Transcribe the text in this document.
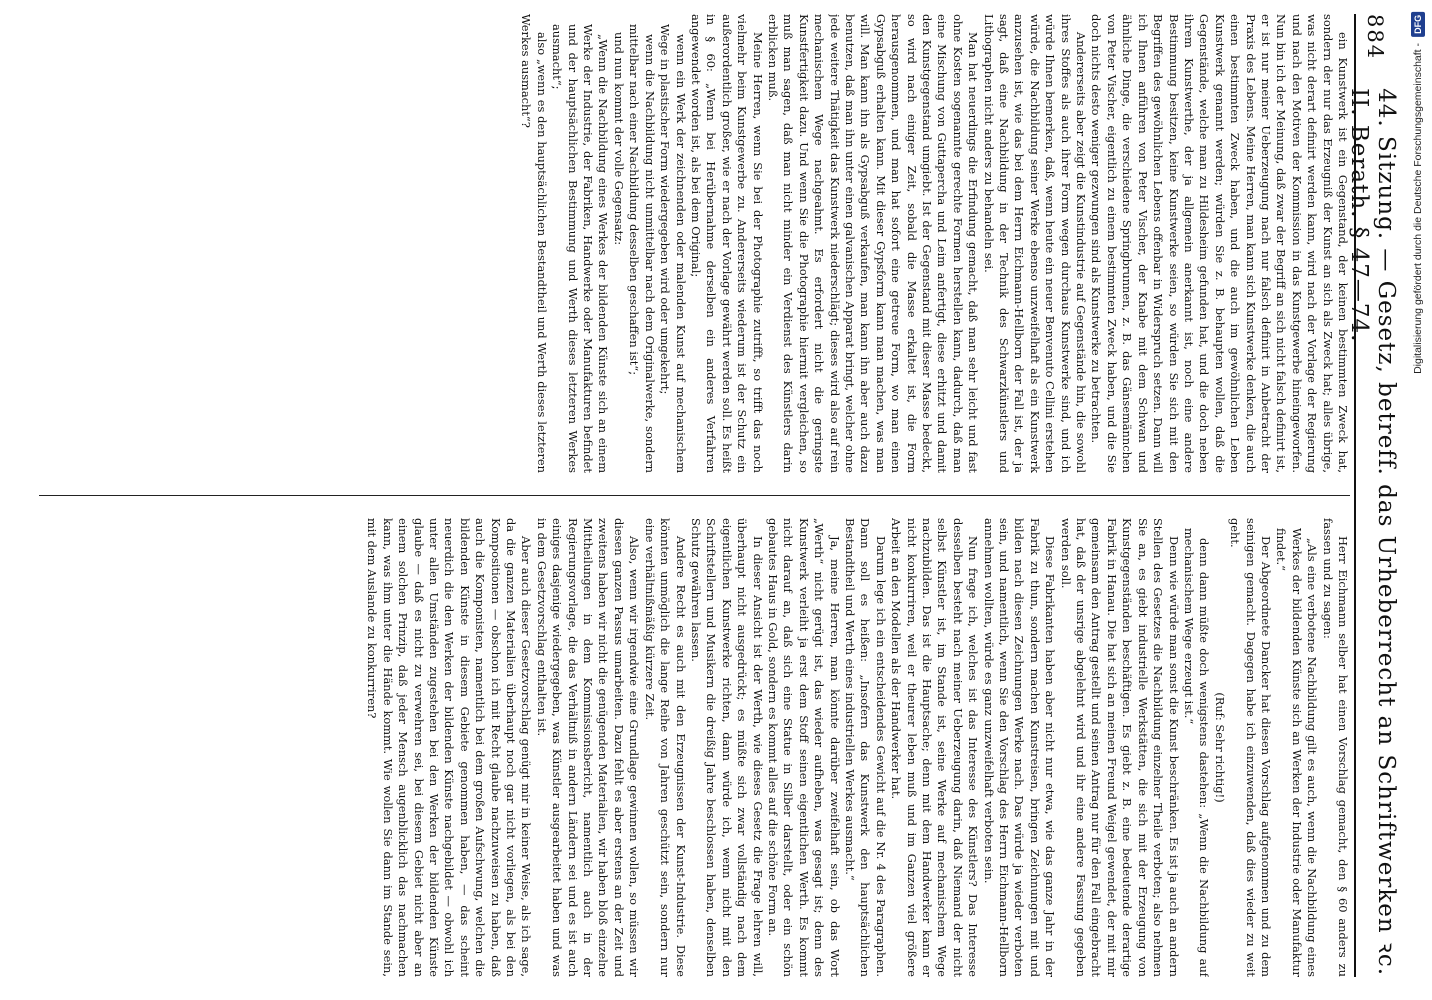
884
44. Sitzung. — Gesetz, betreff. das Urheberrecht an Schriftwerken ꝛc. II. Berath. § 47—74.

ein Kunstwerk ist ein Gegenstand, der keinen bestimmten Zweck hat, sondern der nur das Erzeugniß der Kunst an sich als Zweck hat; alles übrige, was nicht derart definirt werden kann, wird nach der Vorlage der Regierung und nach den Motiven der Kommission in das Kunstgewerbe hineingeworfen. Nun bin ich der Meinung, daß zwar der Begriff an sich nicht falsch definirt ist, er ist nur meiner Ueberzeugung nach nur falsch definirt in Anbetracht der Praxis des Lebens. Meine Herren, man kann sich Kunstwerke denken, die auch einen bestimmten Zweck haben, und die auch im gewöhnlichen Leben Kunstwerk genannt werden; würden Sie z. B. behaupten wollen, daß die Gegenstände, welche man zu Hildesheim gefunden hat, und die doch neben ihrem Kunstwerthe, der ja allgemein anerkannt ist, noch eine andere Bestimmung besitzen, keine Kunstwerke seien, so würden Sie sich mit den Begriffen des gewöhnlichen Lebens offenbar in Widerspruch setzen. Dann will ich Ihnen anführen von Peter Vischer, der Knabe mit dem Schwan und ähnliche Dinge, die verschiedene Springbrunnen, z. B. das Gänsemännchen von Peter Vischer, eigentlich zu einem bestimmten Zweck haben, und die Sie doch nichts desto weniger gezwungen sind als Kunstwerke zu betrachten.

Andererseits aber zeigt die Kunstindustrie auf Gegenstände hin, die sowohl ihres Stoffes als auch ihrer Form wegen durchaus Kunstwerke sind, und ich würde Ihnen bemerken, daß, wenn heute ein neuer Benvenuto Cellini erstehen würde, die Nachbildung seiner Werke ebenso unzweifelhaft als ein Kunstwerk anzusehen ist, wie das bei dem Herrn Eichmann-Hellborn der Fall ist, der ja sagt, daß eine Nachbildung in der Technik des Schwarzkünstlers und Lithographen nicht anders zu behandeln sei.

Man hat neuerdings die Erfindung gemacht, daß man sehr leicht und fast ohne Kosten sogenannte gerechte Formen herstellen kann, dadurch, daß man eine Mischung von Guttapercha und Leim anfertigt, diese erhitzt und damit den Kunstgegenstand umgiebt. Ist der Gegenstand mit dieser Masse bedeckt, so wird nach einiger Zeit, sobald die Masse erkaltet ist, die Form herausgenommen, und man hat sofort eine getreue Form, wo man einen Gypsabguß erhalten kann. Mit dieser Gypsform kann man machen, was man will. Man kann ihn als Gypsabguß verkaufen, man kann ihn aber auch dazu benutzen, daß man ihn unter einen galvanischen Apparat bringt, welcher ohne jede weitere Thätigkeit das Kunstwerk niederschlägt; dieses wird also auf rein mechanischem Wege nachgeahmt. Es erfordert nicht die geringste Kunstfertigkeit dazu. Und wenn Sie die Photographie hiermit vergleichen, so muß man sagen, daß man nicht minder ein Verdienst des Künstlers darin erblicken muß.

Meine Herren, wenn Sie bei der Photographie zutrifft, so trifft das noch vielmehr beim Kunstgewerbe zu. Andererseits wiederum ist der Schutz ein außerordentlich großer, wie er nach der Vorlage gewährt werden soll. Es heißt in § 60: „Wenn bei Herübernahme derselben ein anderes Verfahren angewendet worden ist, als bei dem Original;

wenn ein Werk der zeichnenden oder malenden Kunst auf mechanischem Wege in plastischer Form wiedergegeben wird oder umgekehrt;

wenn die Nachbildung nicht unmittelbar nach dem Originalwerke, sondern mittelbar nach einer Nachbildung desselben geschaffen ist“;

und nun kommt der volle Gegensatz:

„Wenn die Nachbildung eines Werkes der bildenden Künste sich an einem Werke der Industrie, der Fabriken, Handwerke oder Manufakturen befindet und der hauptsächlichen Bestimmung und Werth dieses letzteren Werkes ausmacht“;

also „wenn es den hauptsächlichen Bestandtheil und Werth dieses letzteren Werkes ausmacht“?

Herr Eichmann selber hat einen Vorschlag gemacht, den § 60 anders zu fassen und zu sagen:

„Als eine verbotene Nachbildung gilt es auch, wenn die Nachbildung eines Werkes der bildenden Künste sich an Werken der Industrie oder Manufaktur findet.“

Der Abgeordnete Dancker hat diesen Vorschlag aufgenommen und zu dem seinigen gemacht. Dagegen habe ich einzuwenden, daß dies wieder zu weit geht.

(Ruf: Sehr richtig!)

denn dann müßte doch wenigstens dastehen: „Wenn die Nachbildung auf mechanischem Wege erzeugt ist.“

Denn wie würde man sonst die Kunst beschränken. Es ist ja auch an andern Stellen des Gesetzes die Nachbildung einzelner Theile verboten; also nehmen Sie an, es giebt industrielle Werkstätten, die sich mit der Erzeugung von Kunstgegenständen beschäftigen. Es giebt z. B. eine bedeutende derartige Fabrik in Hanau. Die hat sich an meinen Freund Weigel gewendet, der mit mir gemeinsam den Antrag gestellt und seinen Antrag nur für den Fall eingebracht hat, daß der unsrige abgelehnt wird und ihr eine andere Fassung gegeben werden soll.

Diese Fabrikanten haben aber nicht nur etwa, wie das ganze Jahr in der Fabrik zu thun, sondern machen Kunstreisen, bringen Zeichnungen mit und bilden nach diesen Zeichnungen Werke nach. Das würde ja wieder verboten sein, und namentlich, wenn Sie den Vorschlag des Herrn Eichmann-Hellborn annehmen wollten, würde es ganz unzweifelhaft verboten sein.

Nun frage ich, welches ist das Interesse des Künstlers? Das Interesse desselben besteht nach meiner Ueberzeugung darin, daß Niemand der nicht selbst Künstler ist, im Stande ist, seine Werke auf mechanischem Wege nachzubilden. Das ist die Hauptsache; denn mit dem Handwerker kann er nicht konkurriren, weil er theurer leben muß und im Ganzen viel größere Arbeit an den Modellen als der Handwerker hat.

Darum lege ich ein entscheidendes Gewicht auf die Nr. 4 des Paragraphen. Dann soll es heißen: „Insofern das Kunstwerk den hauptsächlichen Bestandtheil und Werth eines industriellen Werkes ausmacht.“

Ja, meine Herren, man könnte darüber zweifelhaft sein, ob das Wort „Werth“ nicht gerügt ist, das wieder aufheben, was gesagt ist; denn des Kunstwerk verleiht ja erst dem Stoff seinen eigentlichen Werth. Es kommt nicht darauf an, daß sich eine Statue in Silber darstellt, oder ein schön gebautes Haus in Gold, sondern es kommt alles auf die schöne Form an.

In dieser Ansicht ist der Werth, wie dieses Gesetz die Frage lehren will, überhaupt nicht ausgedrückt; es müßte sich zwar vollständig nach dem eigentlichen Kunstwerke richten, dann würde ich, wenn nicht mit den Schriftstellern und Musikern die dreißig Jahre beschlossen haben, denselben Schutz gewähren lassen.

Andere Recht es auch mit den Erzeugnissen der Kunst-Industrie. Diese könnten unmöglich die lange Reihe von Jahren geschützt sein, sondern nur eine verhältnißmäßig kürzere Zeit.

Also, wenn wir irgendwie eine Grundlage gewinnen wollen, so müssen wir diesen ganzen Passus umarbeiten. Dazu fehlt es aber erstens an der Zeit und zweitens haben wir nicht die genügenden Materialien, wir haben bloß einzelne Mittheilungen in dem Kommissionsbericht, namentlich auch in der Regierungsvorlage, die das Verhältniß in andern Ländern sei und es ist auch einiges dasjenige wiedergegeben, was Künstler ausgearbeitet haben und was in dem Gesetzvorschlag enthalten ist.

Aber auch dieser Gesetzvorschlag genügt mir in keiner Weise, als ich sage, da die ganzen Materialien überhaupt noch gar nicht vorliegen, als bei den Kompositionen — obschon ich mit Recht glaube nachzuweisen zu haben, daß auch die Komponisten, namentlich bei dem großen Aufschwung, welchen die bildenden Künste in diesem Gebiete genommen haben, — das scheint neuerdich die den Werken der bildenden Künste nachgebildet — obwohl ich unter allen Umständen zugestehen bei den Werken der bildenden Künste glaube — daß es nicht zu verwehren sei, bei diesem Gebiet nicht aber an einem solchen Prinzip, daß jeder Mensch augenblicklich das nachmachen kann, was ihm unter die Hände kommt. Wie wollen Sie dann im Stande sein, mit dem Auslande zu konkurriren?

Digitalisierung gefördert durch die Deutsche Forschungsgemeinschaft -
DFG
